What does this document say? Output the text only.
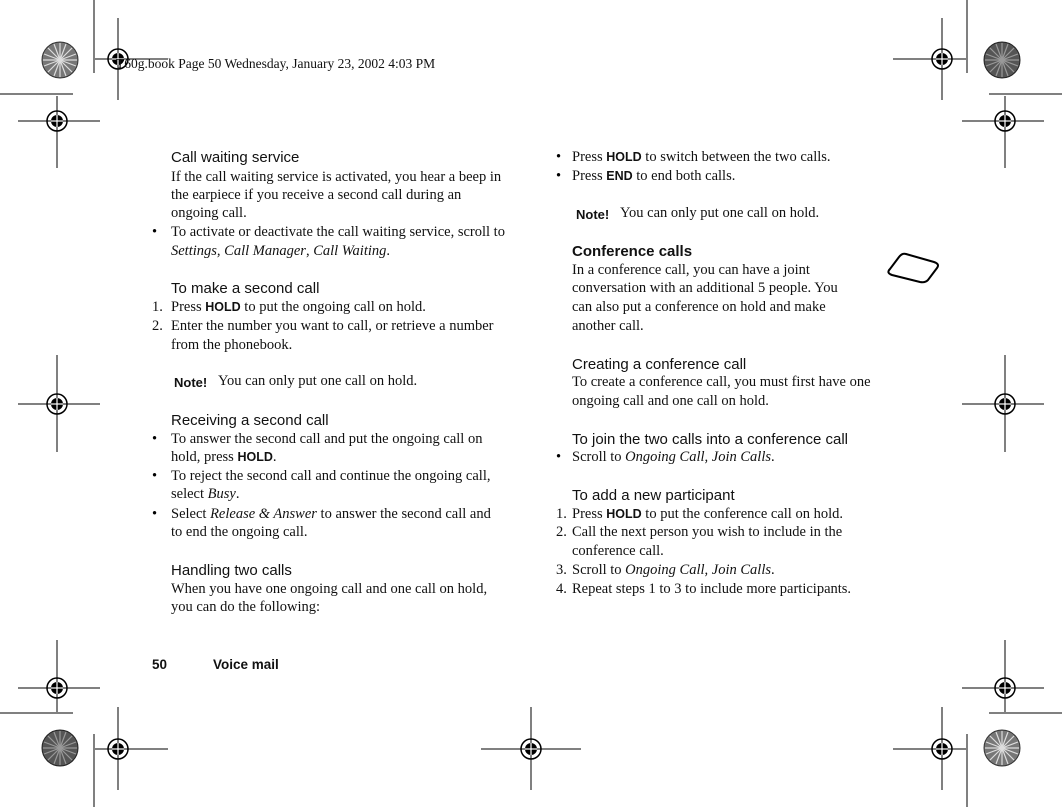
T60g.book Page 50 Wednesday, January 23, 2002 4:03 PM
Call waiting service
If the call waiting service is activated, you hear a beep in
the earpiece if you receive a second call during an
ongoing call.
• To activate or deactivate the call waiting service, scroll to
Settings, Call Manager, Call Waiting.
To make a second call
1. Press HOLD to put the ongoing call on hold.
2. Enter the number you want to call, or retrieve a number
from the phonebook.
Note! You can only put one call on hold.
Receiving a second call
• To answer the second call and put the ongoing call on
hold, press HOLD.
• To reject the second call and continue the ongoing call,
select Busy.
• Select Release & Answer to answer the second call and
to end the ongoing call.
Handling two calls
When you have one ongoing call and one call on hold,
you can do the following:
• Press HOLD to switch between the two calls.
• Press END to end both calls.
Note! You can only put one call on hold.
Conference calls
In a conference call, you can have a joint
conversation with an additional 5 people. You
can also put a conference on hold and make
another call.
Creating a conference call
To create a conference call, you must first have one
ongoing call and one call on hold.
To join the two calls into a conference call
• Scroll to Ongoing Call, Join Calls.
To add a new participant
1. Press HOLD to put the conference call on hold.
2. Call the next person you wish to include in the
conference call.
3. Scroll to Ongoing Call, Join Calls.
4. Repeat steps 1 to 3 to include more participants.
50	Voice mail
